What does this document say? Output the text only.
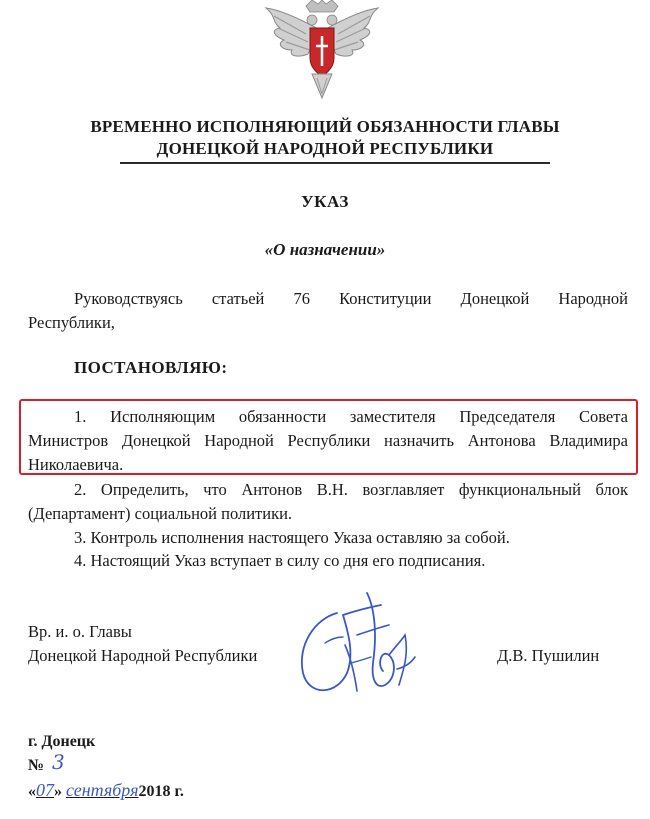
ВРЕМЕННО ИСПОЛНЯЮЩИЙ ОБЯЗАННОСТИ ГЛАВЫ
ДОНЕЦКОЙ НАРОДНОЙ РЕСПУБЛИКИ
УКАЗ
«О назначении»
Руководствуясь статьей 76 Конституции Донецкой Народной
Республики,
ПОСТАНОВЛЯЮ:
1. Исполняющим обязанности заместителя Председателя Совета
Министров Донецкой Народной Республики назначить Антонова Владимира Николаевича.
2. Определить, что Антонов В.Н. возглавляет функциональный блок
(Департамент) социальной политики.
3. Контроль исполнения настоящего Указа оставляю за собой.
4. Настоящий Указ вступает в силу со дня его подписания.
Вр. и. о. Главы
Донецкой Народной Республики	Д.В. Пушилин
г. Донецк
№ 3
«07» сентября2018 г.
